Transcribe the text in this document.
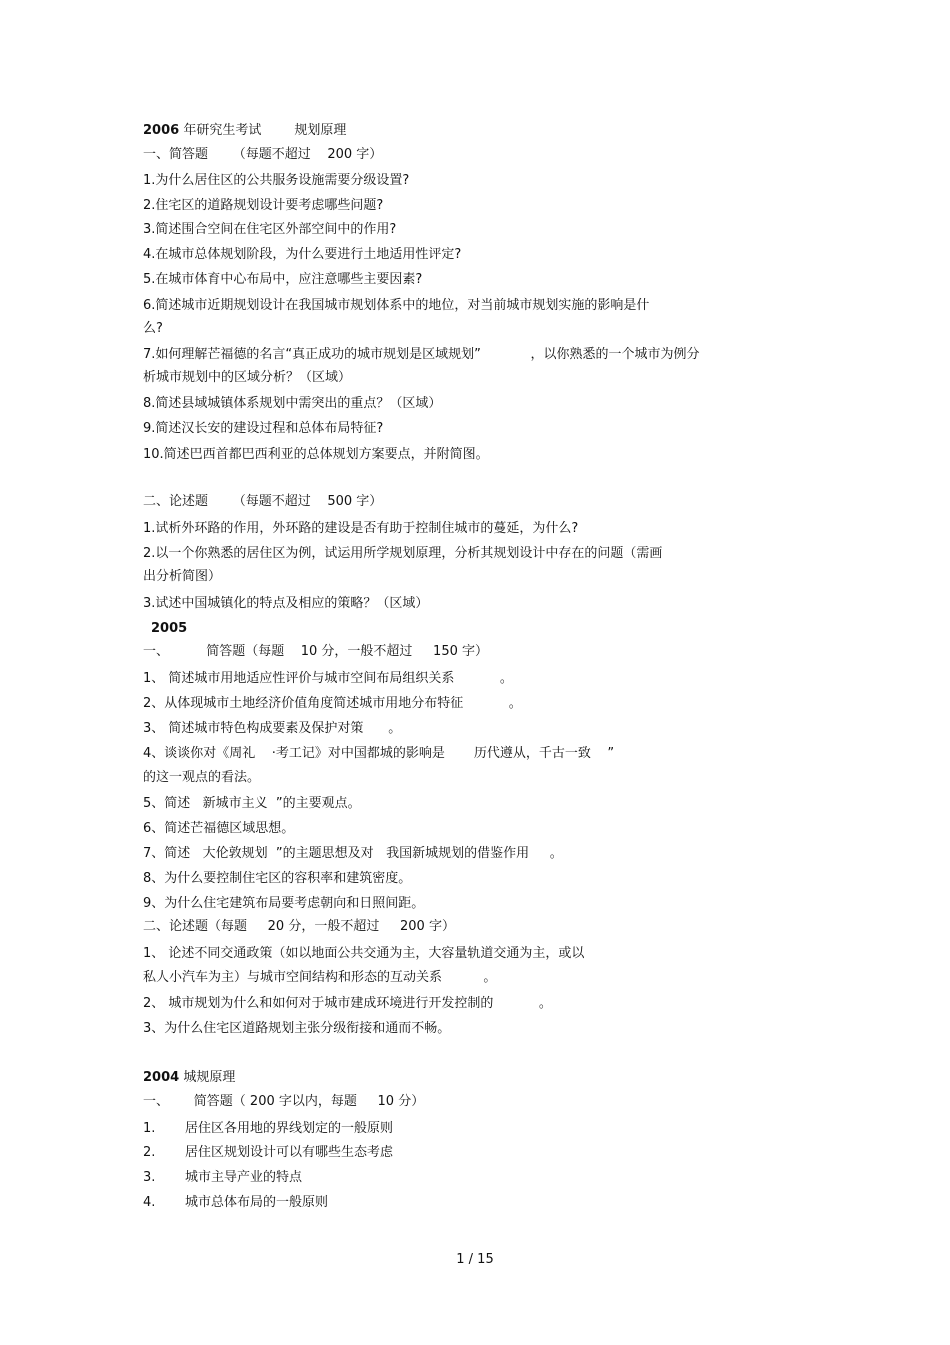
2006 年研究生考试        规划原理
一、简答题      （每题不超过    200 字）
1.为什么居住区的公共服务设施需要分级设置?
2.住宅区的道路规划设计要考虑哪些问题?
3.简述围合空间在住宅区外部空间中的作用?
4.在城市总体规划阶段，为什么要进行土地适用性评定?
5.在城市体育中心布局中，应注意哪些主要因素?
6.简述城市近期规划设计在我国城市规划体系中的地位，对当前城市规划实施的影响是什
么?
7.如何理解芒福德的名言“真正成功的城市规划是区域规划”            ，以你熟悉的一个城市为例分
析城市规划中的区域分析？（区域）
8.简述县域城镇体系规划中需突出的重点？（区域）
9.简述汉长安的建设过程和总体布局特征?
10.简述巴西首都巴西利亚的总体规划方案要点，并附简图。
二、论述题      （每题不超过    500 字）
1.试析外环路的作用，外环路的建设是否有助于控制住城市的蔓延，为什么?
2.以一个你熟悉的居住区为例，试运用所学规划原理，分析其规划设计中存在的问题（需画
出分析简图）
3.试述中国城镇化的特点及相应的策略？（区域）
2005
一、         简答题（每题    10 分，一般不超过     150 字）
1、 简述城市用地适应性评价与城市空间布局组织关系           。
2、从体现城市土地经济价值角度简述城市用地分布特征           。
3、 简述城市特色构成要素及保护对策      。
4、谈谈你对《周礼    ·考工记》对中国都城的影响是       历代遵从，千古一致    ”
的这一观点的看法。
5、简述   新城市主义  ”的主要观点。
6、简述芒福德区域思想。
7、简述   大伦敦规划  ”的主题思想及对   我国新城规划的借鉴作用     。
8、为什么要控制住宅区的容积率和建筑密度。
9、为什么住宅建筑布局要考虑朝向和日照间距。
二、论述题（每题     20 分，一般不超过     200 字）
1、 论述不同交通政策（如以地面公共交通为主，大容量轨道交通为主，或以
私人小汽车为主）与城市空间结构和形态的互动关系          。
2、 城市规划为什么和如何对于城市建成环境进行开发控制的           。
3、为什么住宅区道路规划主张分级衔接和通而不畅。
2004 城规原理
一、      简答题（ 200 字以内，每题     10 分）
1. 居住区各用地的界线划定的一般原则
2. 居住区规划设计可以有哪些生态考虑
3. 城市主导产业的特点
4. 城市总体布局的一般原则
1 / 15
